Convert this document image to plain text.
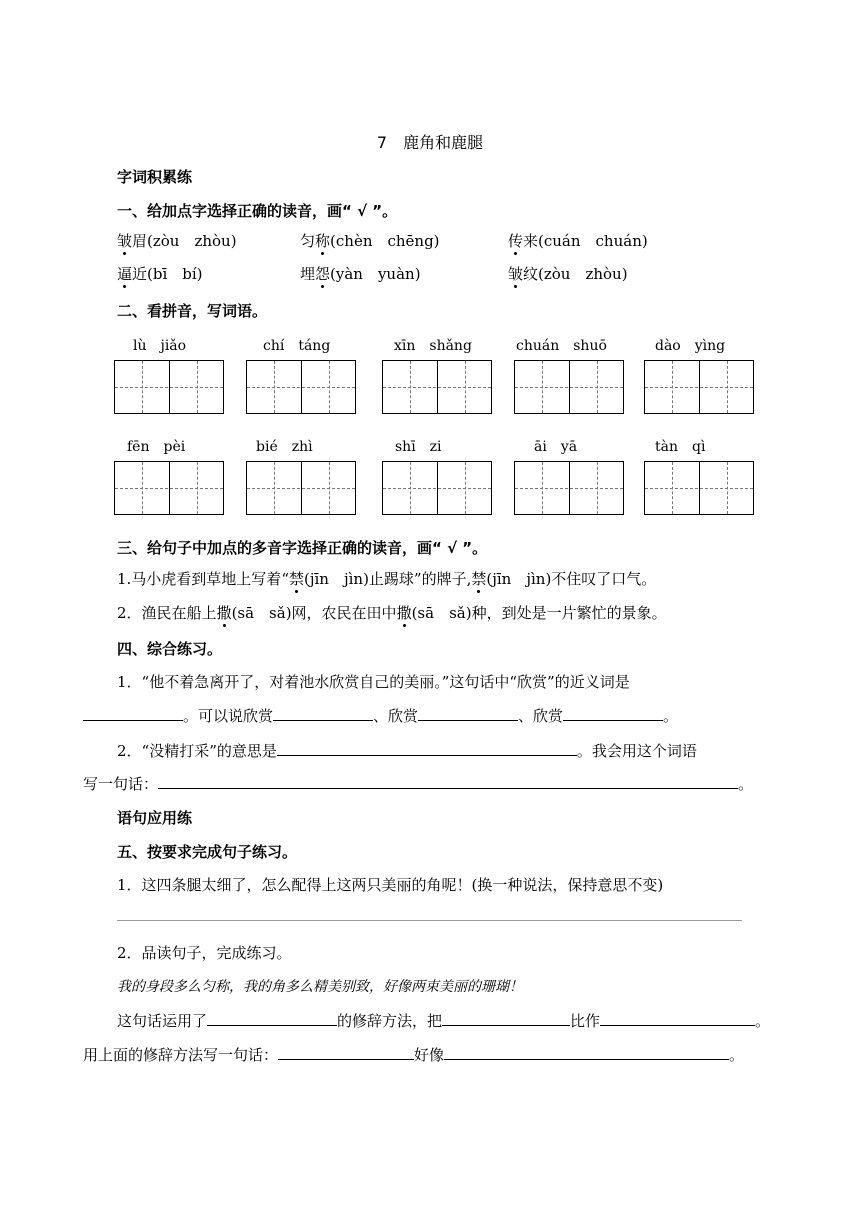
7　鹿角和鹿腿
字词积累练
一、给加点字选择正确的读音，画“ √ ”。
皱眉(zòu　zhòu)	匀称(chèn　chēng)	传来(cuán　chuán)
逼近(bī　bí)	埋怨(yàn　yuàn)	皱纹(zòu　zhòu)
二、看拼音，写词语。
lù　jiǎo	chí　táng	xīn　shǎng	chuán　shuō	dào　yìng
fēn　pèi	bié　zhì	shī　zi	āi　yā	tàn　qì
三、给句子中加点的多音字选择正确的读音，画“ √ ”。
1.马小虎看到草地上写着“禁(jīn　jìn)止踢球”的牌子,禁(jīn　jìn)不住叹了口气。
2．渔民在船上撒(sā　sǎ)网，农民在田中撒(sā　sǎ)种，到处是一片繁忙的景象。
四、综合练习。
1．“他不着急离开了，对着池水欣赏自己的美丽。”这句话中“欣赏”的近义词是
。可以说欣赏	、欣赏	、欣赏	。
2．“没精打采”的意思是	。我会用这个词语
写一句话：	。
语句应用练
五、按要求完成句子练习。
1．这四条腿太细了，怎么配得上这两只美丽的角呢！(换一种说法，保持意思不变)
2．品读句子，完成练习。
我的身段多么匀称，我的角多么精美别致，好像两束美丽的珊瑚！
这句话运用了	的修辞方法，把	比作	。
用上面的修辞方法写一句话：	好像	。
